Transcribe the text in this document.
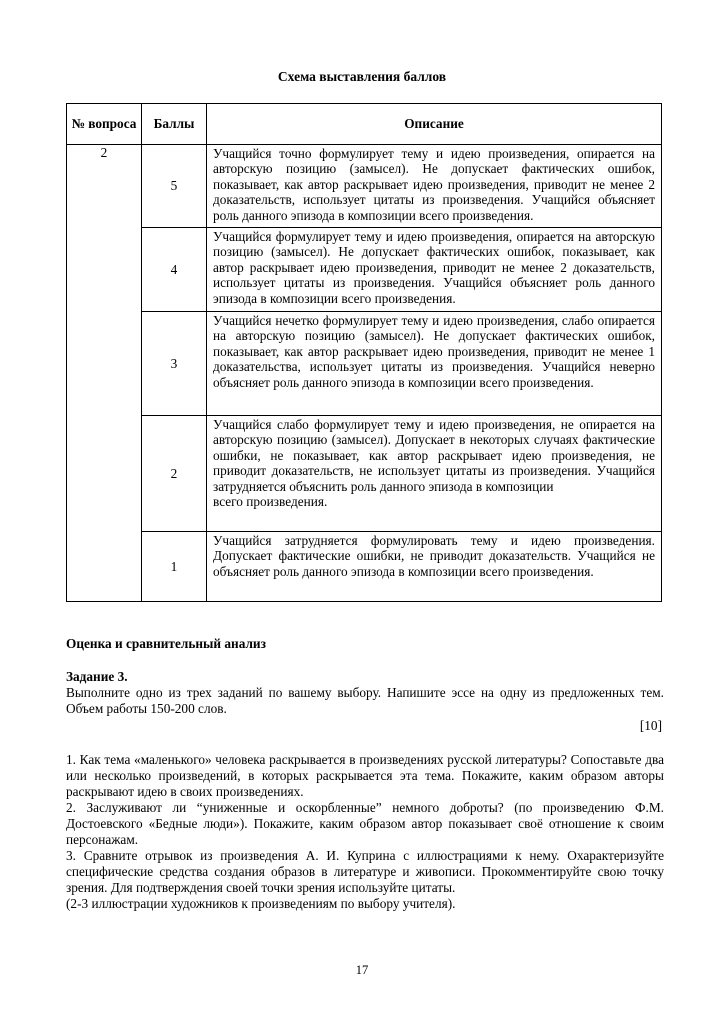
Схема выставления баллов
№ вопроса	Баллы	Описание
2	5	Учащийся точно формулирует тему и идею произведения, опирается на авторскую позицию (замысел). Не допускает фактических ошибок, показывает, как автор раскрывает идею произведения, приводит не менее 2 доказательств, использует цитаты из произведения. Учащийся объясняет роль данного эпизода в композиции всего произведения.
	4	Учащийся формулирует тему и идею произведения, опирается на авторскую позицию (замысел). Не допускает фактических ошибок, показывает, как автор раскрывает идею произведения, приводит не менее 2 доказательств, использует цитаты из произведения. Учащийся объясняет роль данного эпизода в композиции всего произведения.
	3	Учащийся нечетко формулирует тему и идею произведения, слабо опирается на авторскую позицию (замысел). Не допускает фактических ошибок, показывает, как автор раскрывает идею произведения, приводит не менее 1 доказательства, использует цитаты из произведения. Учащийся неверно объясняет роль данного эпизода в композиции всего произведения.
	2	Учащийся слабо формулирует тему и идею произведения, не опирается на авторскую позицию (замысел). Допускает в некоторых случаях фактические ошибки, не показывает, как автор раскрывает идею произведения, не приводит доказательств, не использует цитаты из произведения. Учащийся затрудняется объяснить роль данного эпизода в композиции
всего произведения.
	1	Учащийся затрудняется формулировать тему и идею произведения. Допускает фактические ошибки, не приводит доказательств. Учащийся не объясняет роль данного эпизода в композиции всего произведения.
Оценка и сравнительный анализ
Задание 3.
Выполните одно из трех заданий по вашему выбору. Напишите эссе на одну из предложенных тем. Объем работы 150-200 слов.
[10]

1. Как тема «маленького» человека раскрывается в произведениях русской литературы? Сопоставьте два или несколько произведений, в которых раскрывается эта тема. Покажите, каким образом авторы раскрывают идею в своих произведениях.

2. Заслуживают ли “униженные и оскорбленные” немного доброты? (по произведению Ф.М. Достоевского «Бедные люди»). Покажите, каким образом автор показывает своё отношение к своим персонажам.

3. Сравните отрывок из произведения А. И. Куприна с иллюстрациями к нему. Охарактеризуйте специфические средства создания образов в литературе и живописи. Прокомментируйте свою точку зрения. Для подтверждения своей точки зрения используйте цитаты.

(2-3 иллюстрации художников к произведениям по выбору учителя).

17
